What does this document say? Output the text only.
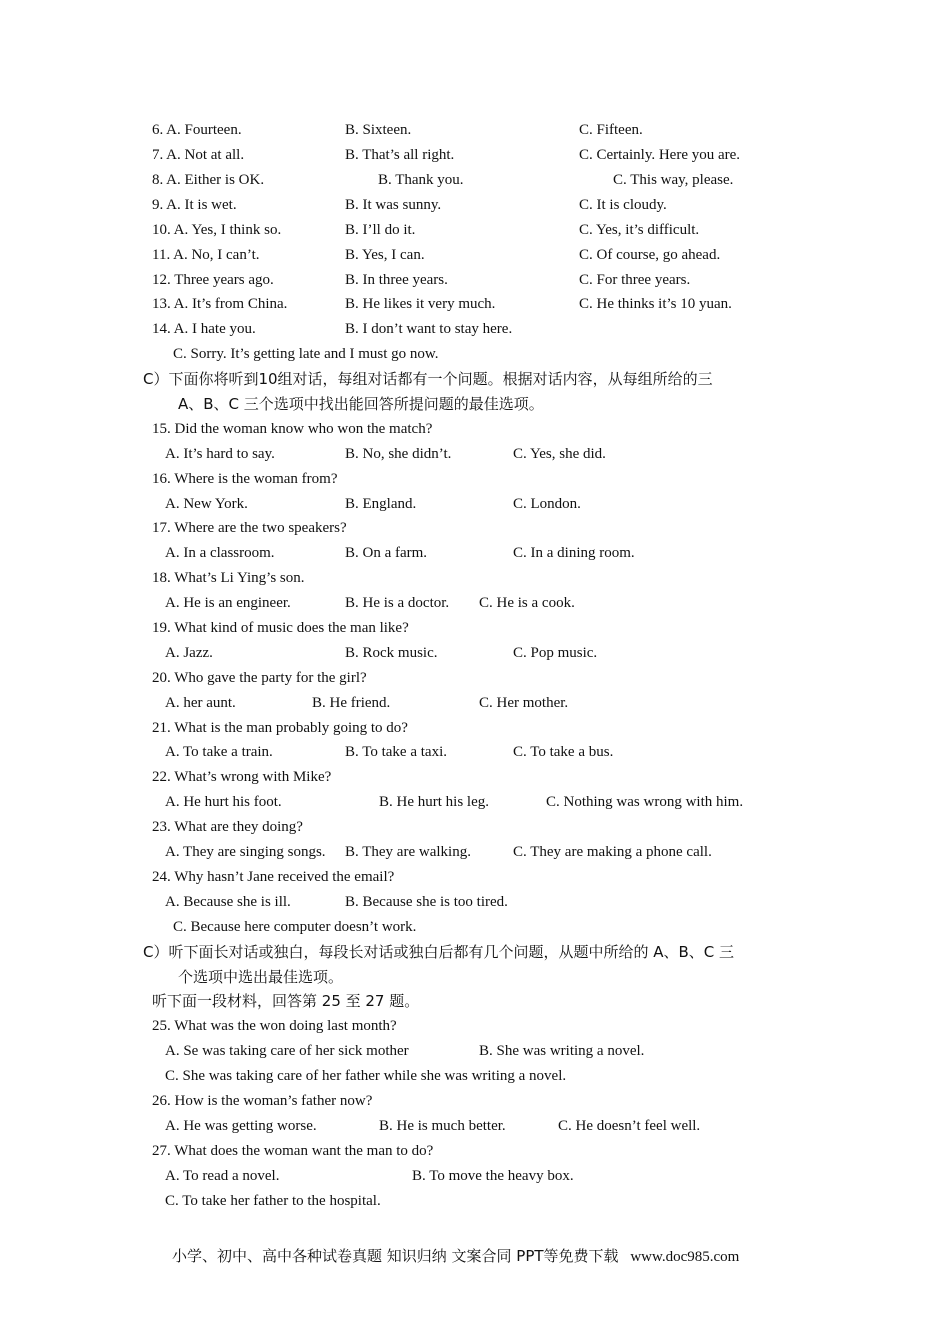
6. A. Fourteen.	B. Sixteen.	C. Fifteen.
7. A. Not at all.	B. That’s all right.	C. Certainly. Here you are.
8. A. Either is OK.	B. Thank you.	C. This way, please.
9. A. It is wet.	B. It was sunny.	C. It is cloudy.
10. A. Yes, I think so.	B. I’ll do it.	C. Yes, it’s difficult.
11. A. No, I can’t.	B. Yes, I can.	C. Of course, go ahead.
12. Three years ago.	B. In three years.	C. For three years.
13. A. It’s from China.	B. He likes it very much.	C. He thinks it’s 10 yuan.
14. A. I hate you.	B. I don’t want to stay here.
C. Sorry. It’s getting late and I must go now.
C）下面你将听到10组对话，每组对话都有一个问题。根据对话内容，从每组所给的三
A、B、C 三个选项中找出能回答所提问题的最佳选项。
15. Did the woman know who won the match?
A. It’s hard to say.	B. No, she didn’t.	C. Yes, she did.
16. Where is the woman from?
A. New York.	B. England.	C. London.
17. Where are the two speakers?
A. In a classroom.	B. On a farm.	C. In a dining room.
18. What’s Li Ying’s son.
A. He is an engineer.	B. He is a doctor. C. He is a cook.
19. What kind of music does the man like?
A. Jazz.	B. Rock music.	C. Pop music.
20. Who gave the party for the girl?
A. her aunt.	B. He friend.	C. Her mother.
21. What is the man probably going to do?
A. To take a train.	B. To take a taxi.	C. To take a bus.
22. What’s wrong with Mike?
A. He hurt his foot.	B. He hurt his leg.	C. Nothing was wrong with him.
23. What are they doing?
A. They are singing songs. B. They are walking.	C. They are making a phone call.
24. Why hasn’t Jane received the email?
A. Because she is ill.	B. Because she is too tired.
C. Because here computer doesn’t work.
C）听下面长对话或独白，每段长对话或独白后都有几个问题，从题中所给的 A、B、C 三
个选项中选出最佳选项。
听下面一段材料，回答第 25 至 27 题。
25. What was the won doing last month?
A. Se was taking care of her sick mother	B. She was writing a novel.
C. She was taking care of her father while she was writing a novel.
26. How is the woman’s father now?
A. He was getting worse.	B. He is much better.	C. He doesn’t feel well.
27. What does the woman want the man to do?
A. To read a novel.	B. To move the heavy box.
C. To take her father to the hospital.
小学、初中、高中各种试卷真题 知识归纳 文案合同 PPT等免费下载 www.doc985.com
